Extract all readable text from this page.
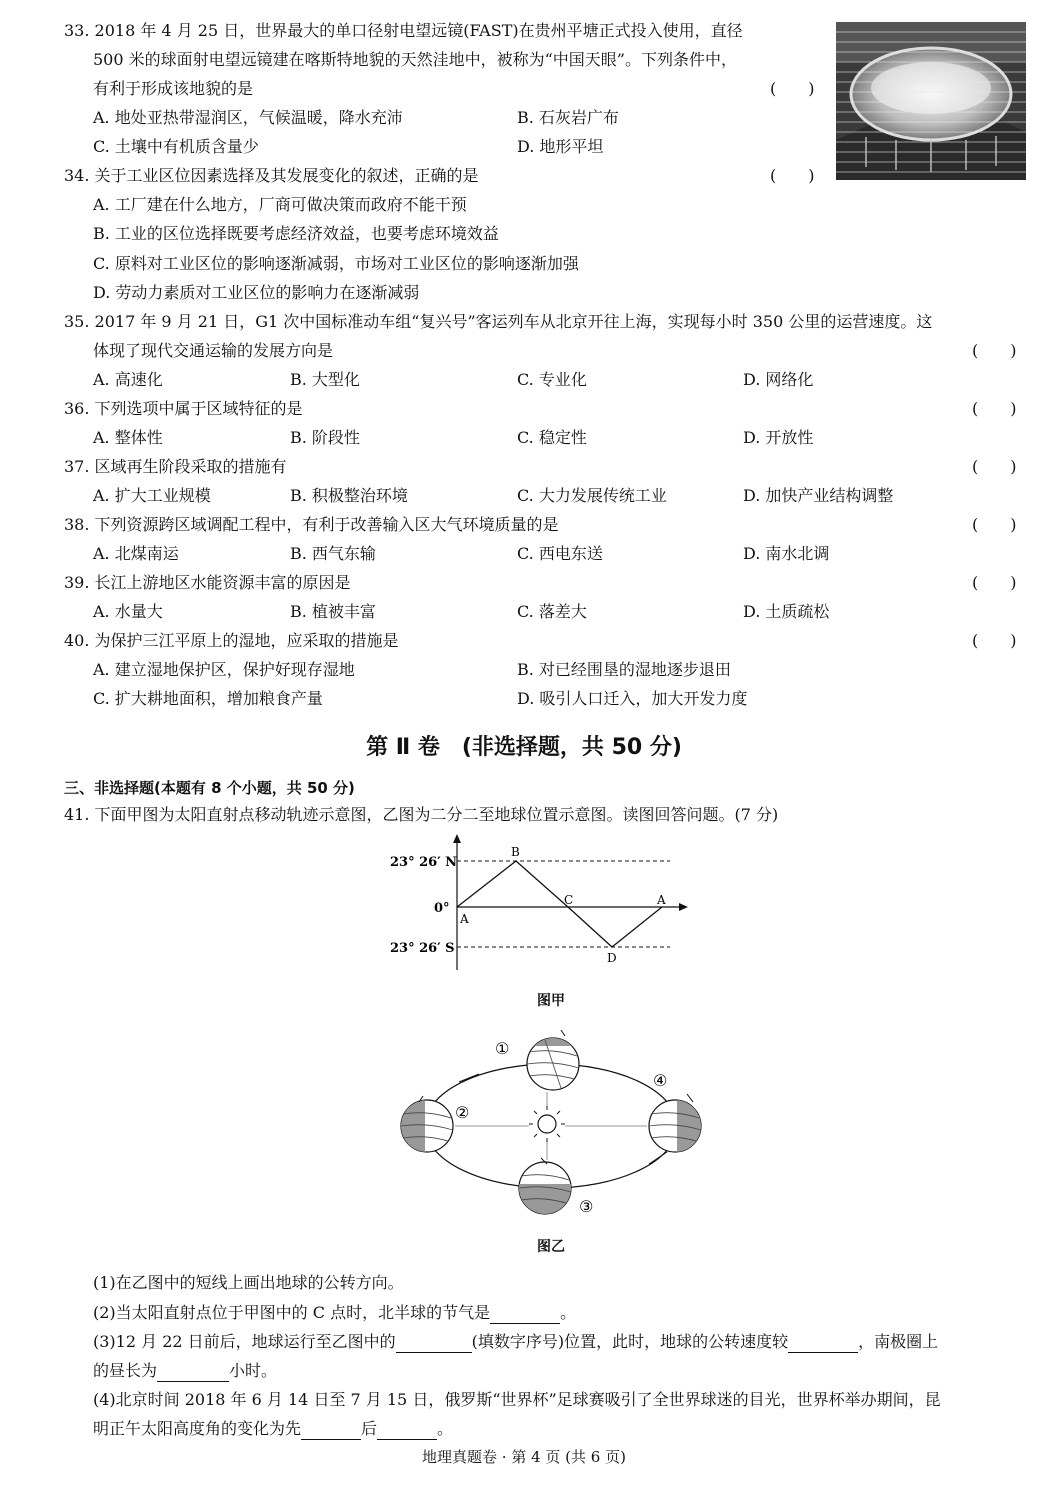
33. 2018 年 4 月 25 日，世界最大的单口径射电望远镜(FAST)在贵州平塘正式投入使用，直径
500 米的球面射电望远镜建在喀斯特地貌的天然洼地中，被称为“中国天眼”。下列条件中，
有利于形成该地貌的是	(　　)
A. 地处亚热带湿润区，气候温暖，降水充沛	B. 石灰岩广布
C. 土壤中有机质含量少	D. 地形平坦
34. 关于工业区位因素选择及其发展变化的叙述，正确的是	(　　)
A. 工厂建在什么地方，厂商可做决策而政府不能干预
B. 工业的区位选择既要考虑经济效益，也要考虑环境效益
C. 原料对工业区位的影响逐渐减弱，市场对工业区位的影响逐渐加强
D. 劳动力素质对工业区位的影响力在逐渐减弱
35. 2017 年 9 月 21 日，G1 次中国标准动车组“复兴号”客运列车从北京开往上海，实现每小时 350 公里的运营速度。这
体现了现代交通运输的发展方向是	(　　)
A. 高速化	B. 大型化	C. 专业化	D. 网络化
36. 下列选项中属于区域特征的是	(　　)
A. 整体性	B. 阶段性	C. 稳定性	D. 开放性
37. 区域再生阶段采取的措施有	(　　)
A. 扩大工业规模	B. 积极整治环境	C. 大力发展传统工业	D. 加快产业结构调整
38. 下列资源跨区域调配工程中，有利于改善输入区大气环境质量的是	(　　)
A. 北煤南运	B. 西气东输	C. 西电东送	D. 南水北调
39. 长江上游地区水能资源丰富的原因是	(　　)
A. 水量大	B. 植被丰富	C. 落差大	D. 土质疏松
40. 为保护三江平原上的湿地，应采取的措施是	(　　)
A. 建立湿地保护区，保护好现存湿地	B. 对已经围垦的湿地逐步退田
C. 扩大耕地面积，增加粮食产量	D. 吸引人口迁入，加大开发力度
第 Ⅱ 卷　(非选择题，共 50 分)
三、非选择题(本题有 8 个小题，共 50 分)
41. 下面甲图为太阳直射点移动轨迹示意图，乙图为二分二至地球位置示意图。读图回答问题。(7 分)
23° 26′ N
0°
23° 26′ S
A
B
C
D
A
图甲
①
②
③
④
图乙
(1)在乙图中的短线上画出地球的公转方向。
(2)当太阳直射点位于甲图中的 C 点时，北半球的节气是	。
(3)12 月 22 日前后，地球运行至乙图中的	(填数字序号)位置，此时，地球的公转速度较	，南极圈上
的昼长为	小时。
(4)北京时间 2018 年 6 月 14 日至 7 月 15 日，俄罗斯“世界杯”足球赛吸引了全世界球迷的目光，世界杯举办期间，昆
明正午太阳高度角的变化为先	后	。
地理真题卷 · 第 4 页 (共 6 页)
